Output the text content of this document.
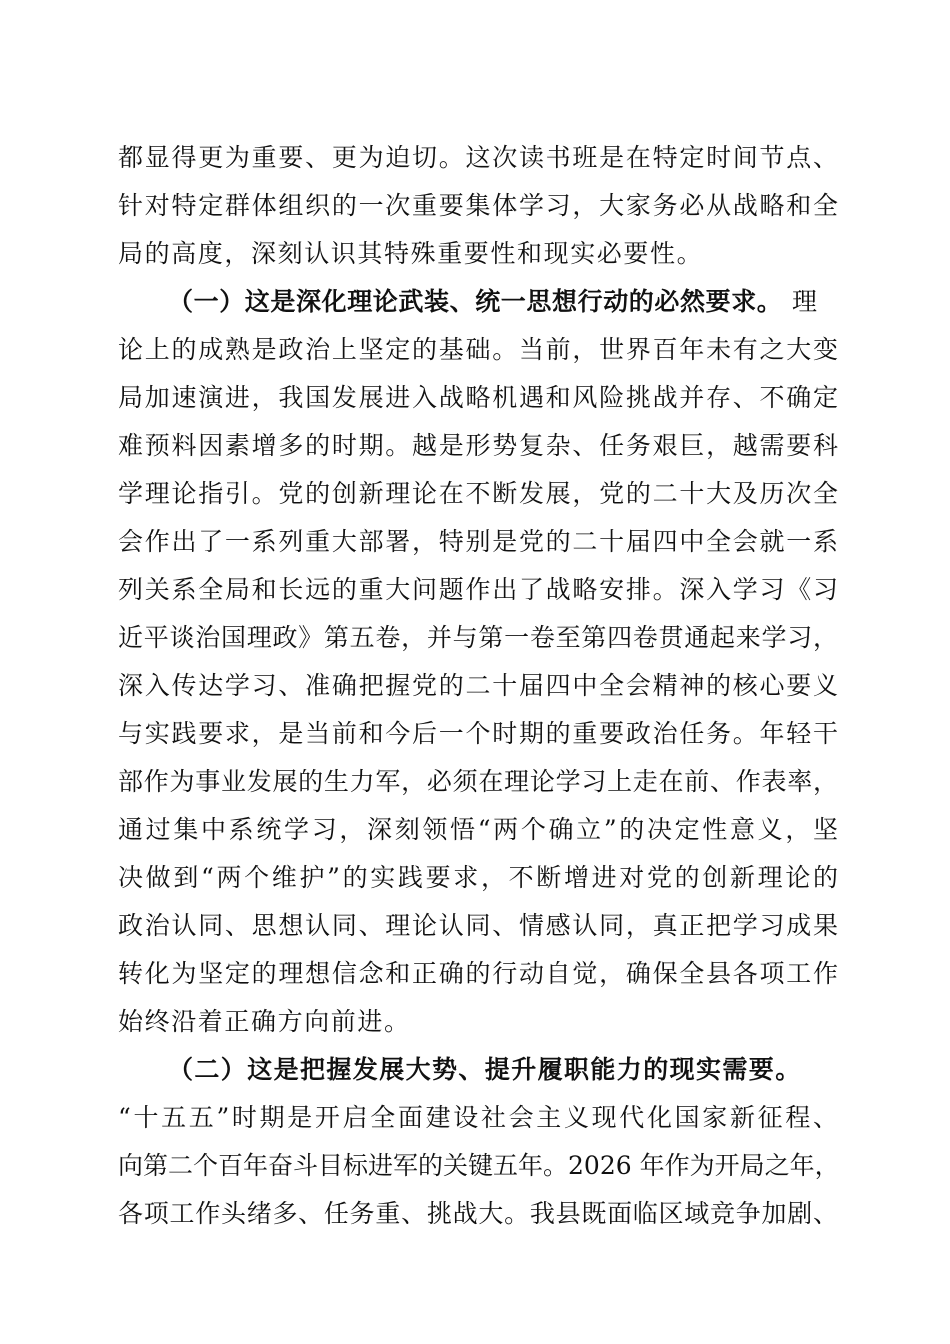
都显得更为重要、更为迫切。这次读书班是在特定时间节点、
针对特定群体组织的一次重要集体学习，大家务必从战略和全
局的高度，深刻认识其特殊重要性和现实必要性。
（一）这是深化理论武装、统一思想行动的必然要求。 理
论上的成熟是政治上坚定的基础。当前，世界百年未有之大变
局加速演进，我国发展进入战略机遇和风险挑战并存、不确定
难预料因素增多的时期。越是形势复杂、任务艰巨，越需要科
学理论指引。党的创新理论在不断发展，党的二十大及历次全
会作出了一系列重大部署，特别是党的二十届四中全会就一系
列关系全局和长远的重大问题作出了战略安排。深入学习《习
近平谈治国理政》第五卷，并与第一卷至第四卷贯通起来学习，
深入传达学习、准确把握党的二十届四中全会精神的核心要义
与实践要求，是当前和今后一个时期的重要政治任务。年轻干
部作为事业发展的生力军，必须在理论学习上走在前、作表率，
通过集中系统学习，深刻领悟“两个确立”的决定性意义，坚
决做到“两个维护”的实践要求，不断增进对党的创新理论的
政治认同、思想认同、理论认同、情感认同，真正把学习成果
转化为坚定的理想信念和正确的行动自觉，确保全县各项工作
始终沿着正确方向前进。
（二）这是把握发展大势、提升履职能力的现实需要。
“十五五”时期是开启全面建设社会主义现代化国家新征程、
向第二个百年奋斗目标进军的关键五年。2026 年作为开局之年，
各项工作头绪多、任务重、挑战大。我县既面临区域竞争加剧、
